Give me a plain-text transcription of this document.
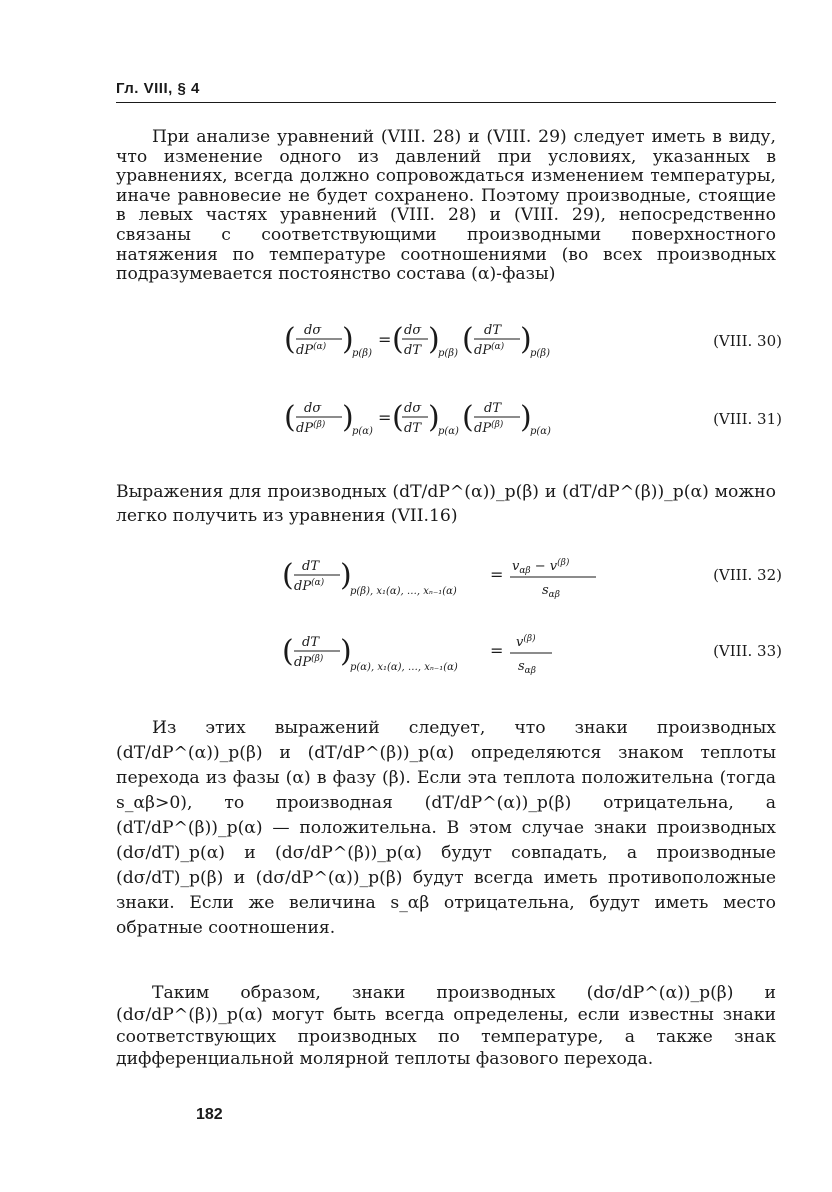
Гл. VIII, § 4

При анализе уравнений (VIII. 28) и (VIII. 29) следует иметь в виду, что изменение одного из давлений при условиях, указанных в уравнениях, всегда должно сопровождаться изменением температуры, иначе равновесие не будет сохранено. Поэтому производные, стоящие в левых частях уравнений (VIII. 28) и (VIII. 29), непосредственно связаны с соответствующими производными поверхностного натяжения по температуре соотношениями (во всех производных подразумевается постоянство состава (α)-фазы)

( dσ
$dP^{(\alpha)}$ )
p(β)
= ( dσ
dT )
p(β) ( dT
$dP^{(\alpha)}$ )
p(β)
(VIII. 30)
( dσ
$dP^{(\beta)}$ )
p(α)
= ( dσ
dT )
p(α) ( dT
$dP^{(\beta)}$ )
p(α)
(VIII. 31)

Выражения для производных (dT/dP^(α))_p(β) и (dT/dP^(β))_p(α) можно легко получить из уравнения (VII.16)

( dT
$dP^{(\alpha)}$ )
p(β), x₁(α), …, xₙ₋₁(α)
= $v_{\alpha\beta} - v^{(\beta)}$
$s_{\alpha\beta}$
(VIII. 32)
( dT
$dP^{(\beta)}$ )
p(α), x₁(α), …, xₙ₋₁(α)
= $v^{(\beta)}$
$s_{\alpha\beta}$
(VIII. 33)

Из этих выражений следует, что знаки производных (dT/dP^(α))_p(β) и (dT/dP^(β))_p(α) определяются знаком теплоты перехода из фазы (α) в фазу (β). Если эта теплота положительна (тогда s_αβ>0), то производная (dT/dP^(α))_p(β) отрицательна, а (dT/dP^(β))_p(α) — положительна. В этом случае знаки производных (dσ/dT)_p(α) и (dσ/dP^(β))_p(α) будут совпадать, а производные (dσ/dT)_p(β) и (dσ/dP^(α))_p(β) будут всегда иметь противоположные знаки. Если же величина s_αβ отрицательна, будут иметь место обратные соотношения.

Таким образом, знаки производных (dσ/dP^(α))_p(β) и (dσ/dP^(β))_p(α) могут быть всегда определены, если известны знаки соответствующих производных по температуре, а также знак дифференциальной молярной теплоты фазового перехода.

182
